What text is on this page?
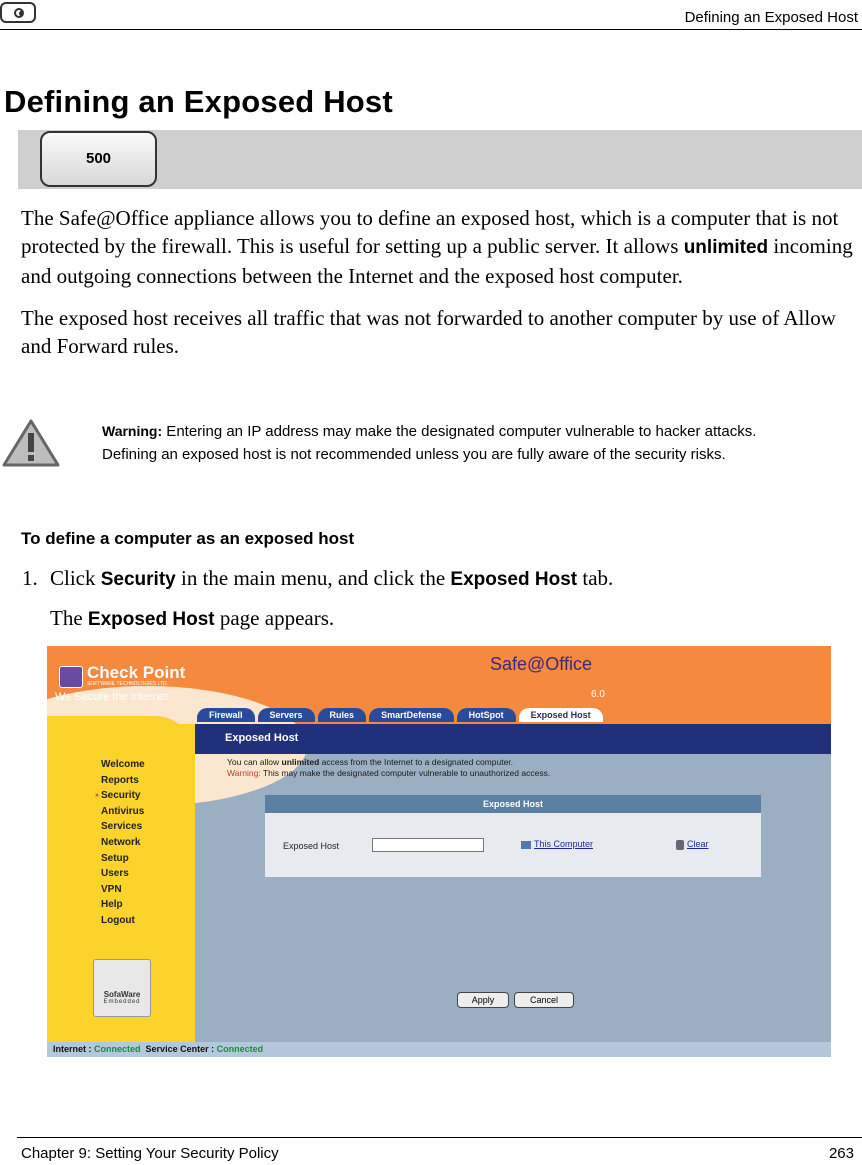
Defining an Exposed Host
Defining an Exposed Host
500
The Safe@Office appliance allows you to define an exposed host, which is a computer that is not protected by the firewall. This is useful for setting up a public server. It allows unlimited incoming and outgoing connections between the Internet and the exposed host computer.
The exposed host receives all traffic that was not forwarded to another computer by use of Allow and Forward rules.
Warning: Entering an IP address may make the designated computer vulnerable to hacker attacks. Defining an exposed host is not recommended unless you are fully aware of the security risks.
To define a computer as an exposed host
1. Click Security in the main menu, and click the Exposed Host tab.
The Exposed Host page appears.
Check Point
SOFTWARE TECHNOLOGIES LTD.
We Secure the Internet.
Safe@Office
6.0
Firewall	Servers	Rules	SmartDefense	HotSpot	Exposed Host
Exposed Host
Welcome
Reports
» Security
Antivirus
Services
Network
Setup
Users
VPN
Help
Logout
You can allow unlimited access from the Internet to a designated computer.
Warning: This may make the designated computer vulnerable to unauthorized access.
Exposed Host
Exposed Host	This Computer	Clear
Apply	Cancel
SofaWare
Embedded
Internet : Connected Service Center : Connected
Chapter 9: Setting Your Security Policy	263
